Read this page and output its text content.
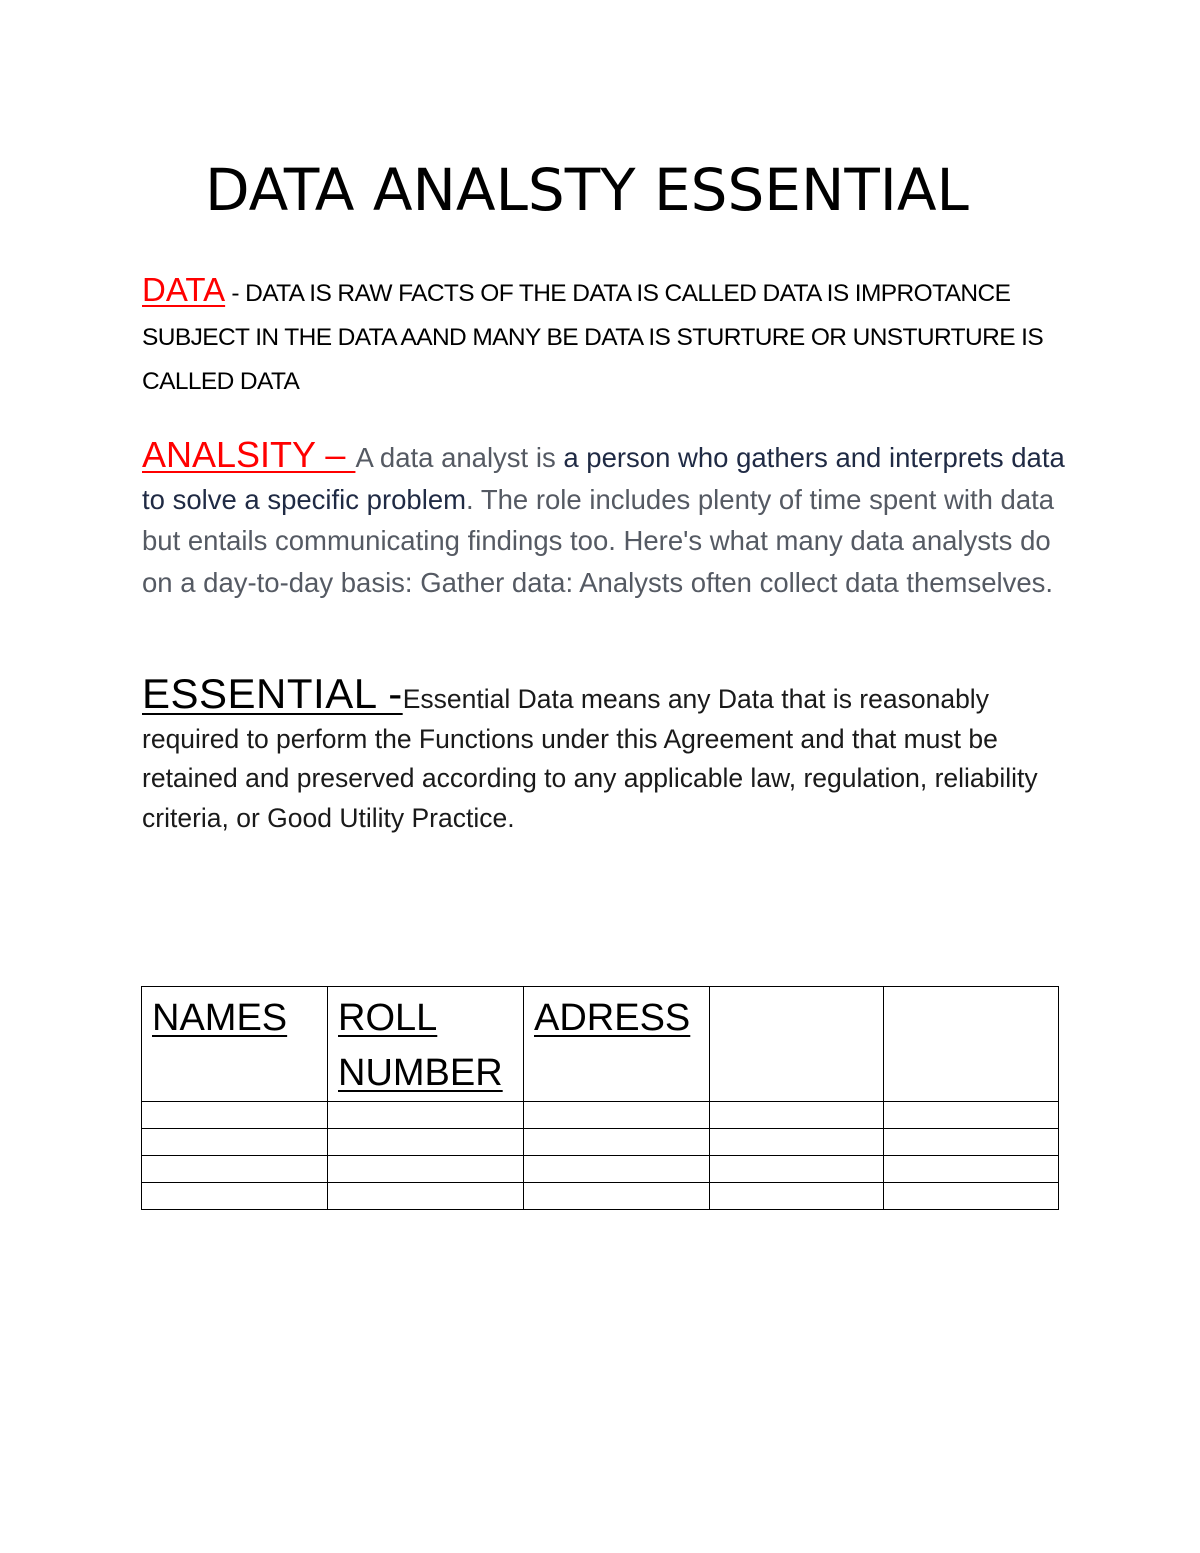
DATA ANALSTY ESSENTIAL

DATA - DATA IS RAW FACTS OF THE DATA IS CALLED DATA IS IMPROTANCE SUBJECT IN THE DATA AAND MANY BE DATA IS STURTURE OR UNSTURTURE IS CALLED DATA

ANALSITY – A data analyst is a person who gathers and interprets data to solve a specific problem. The role includes plenty of time spent with data but entails communicating findings too. Here's what many data analysts do on a day-to-day basis: Gather data: Analysts often collect data themselves.

ESSENTIAL -Essential Data means any Data that is reasonably required to perform the Functions under this Agreement and that must be retained and preserved according to any applicable law, regulation, reliability criteria, or Good Utility Practice.

NAMES	ROLL NUMBER	ADRESS		
